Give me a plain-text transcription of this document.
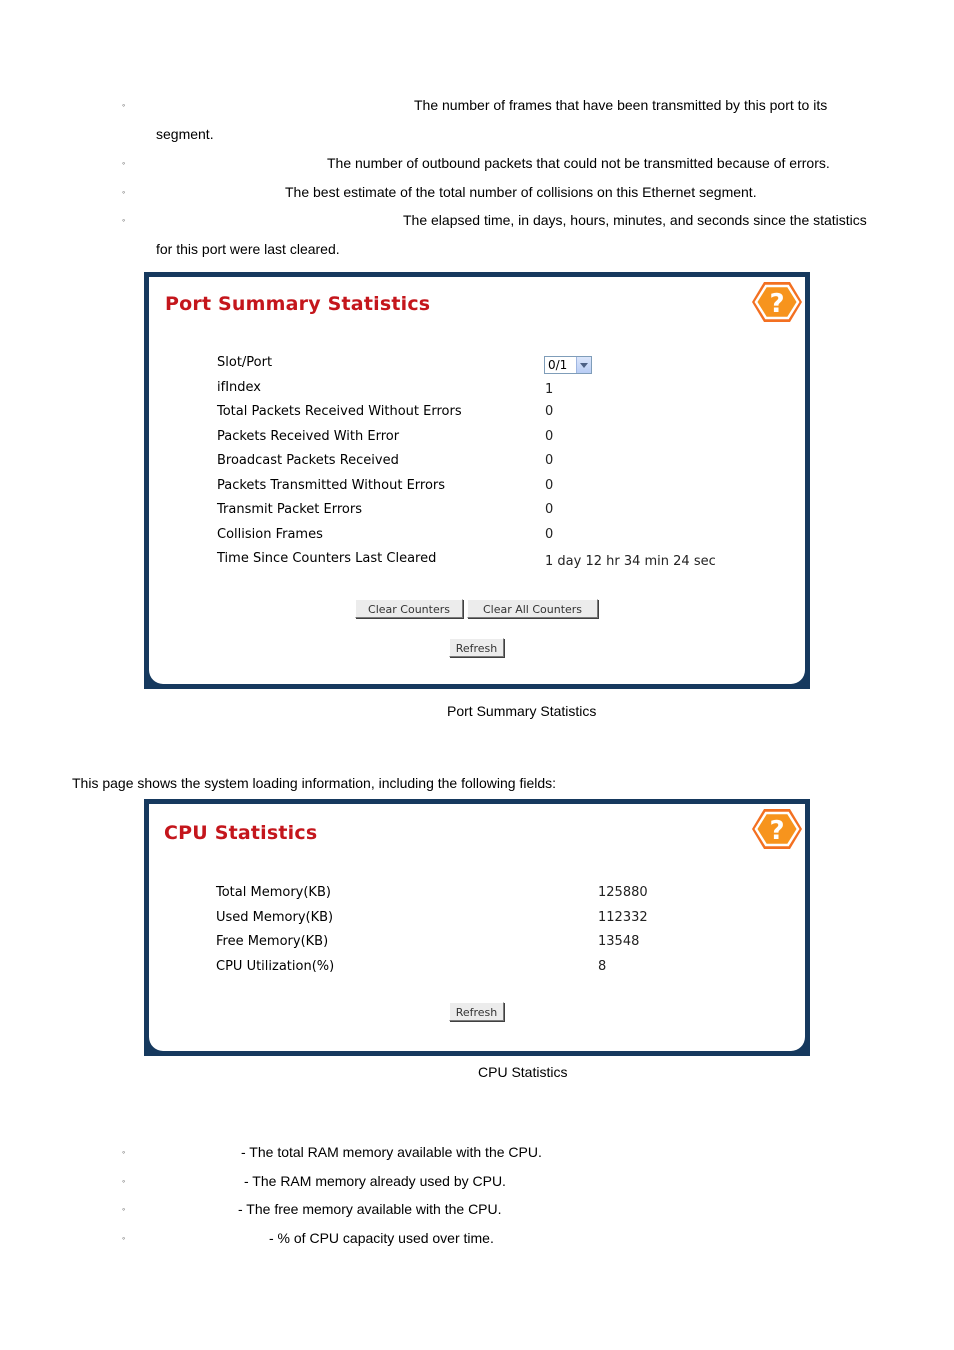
◦	The number of frames that have been transmitted by this port to its
segment.
◦	The number of outbound packets that could not be transmitted because of errors.
◦	The best estimate of the total number of collisions on this Ethernet segment.
◦	The elapsed time, in days, hours, minutes, and seconds since the statistics
for this port were last cleared.
Port Summary Statistics	?
Slot/Port	0/1
ifIndex	1
Total Packets Received Without Errors	0
Packets Received With Error	0
Broadcast Packets Received	0
Packets Transmitted Without Errors	0
Transmit Packet Errors	0
Collision Frames	0
Time Since Counters Last Cleared	1 day 12 hr 34 min 24 sec
Clear Counters	Clear All Counters
Refresh
Port Summary Statistics
This page shows the system loading information, including the following fields:
CPU Statistics	?
Total Memory(KB)	125880
Used Memory(KB)	112332
Free Memory(KB)	13548
CPU Utilization(%)	8
Refresh
CPU Statistics
◦	- The total RAM memory available with the CPU.
◦	- The RAM memory already used by CPU.
◦	- The free memory available with the CPU.
◦	- % of CPU capacity used over time.
